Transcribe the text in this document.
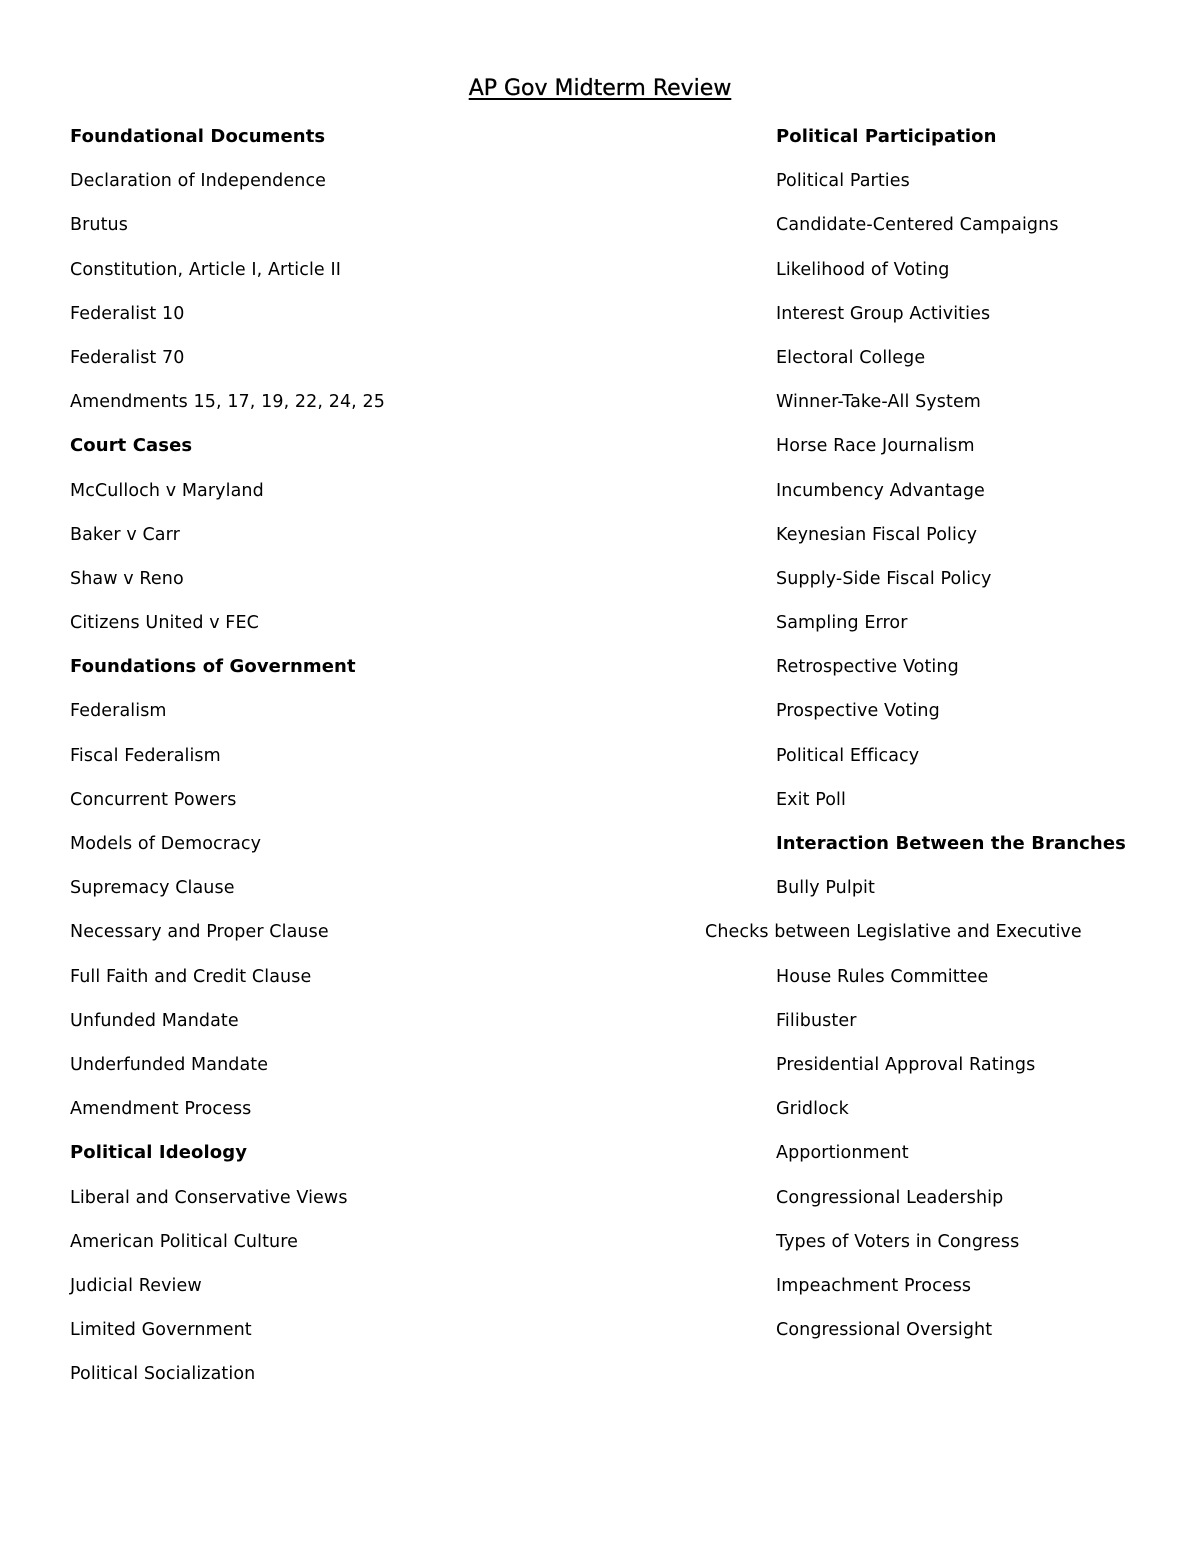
AP Gov Midterm Review
Foundational Documents
Declaration of Independence
Brutus
Constitution, Article I, Article II
Federalist 10
Federalist 70
Amendments 15, 17, 19, 22, 24, 25
Court Cases
McCulloch v Maryland
Baker v Carr
Shaw v Reno
Citizens United v FEC
Foundations of Government
Federalism
Fiscal Federalism
Concurrent Powers
Models of Democracy
Supremacy Clause
Necessary and Proper Clause
Full Faith and Credit Clause
Unfunded Mandate
Underfunded Mandate
Amendment Process
Political Ideology
Liberal and Conservative Views
American Political Culture
Judicial Review
Limited Government
Political Socialization
Political Participation
Political Parties
Candidate-Centered Campaigns
Likelihood of Voting
Interest Group Activities
Electoral College
Winner-Take-All System
Horse Race Journalism
Incumbency Advantage
Keynesian Fiscal Policy
Supply-Side Fiscal Policy
Sampling Error
Retrospective Voting
Prospective Voting
Political Efficacy
Exit Poll
Interaction Between the Branches
Bully Pulpit
Checks between Legislative and Executive
House Rules Committee
Filibuster
Presidential Approval Ratings
Gridlock
Apportionment
Congressional Leadership
Types of Voters in Congress
Impeachment Process
Congressional Oversight
